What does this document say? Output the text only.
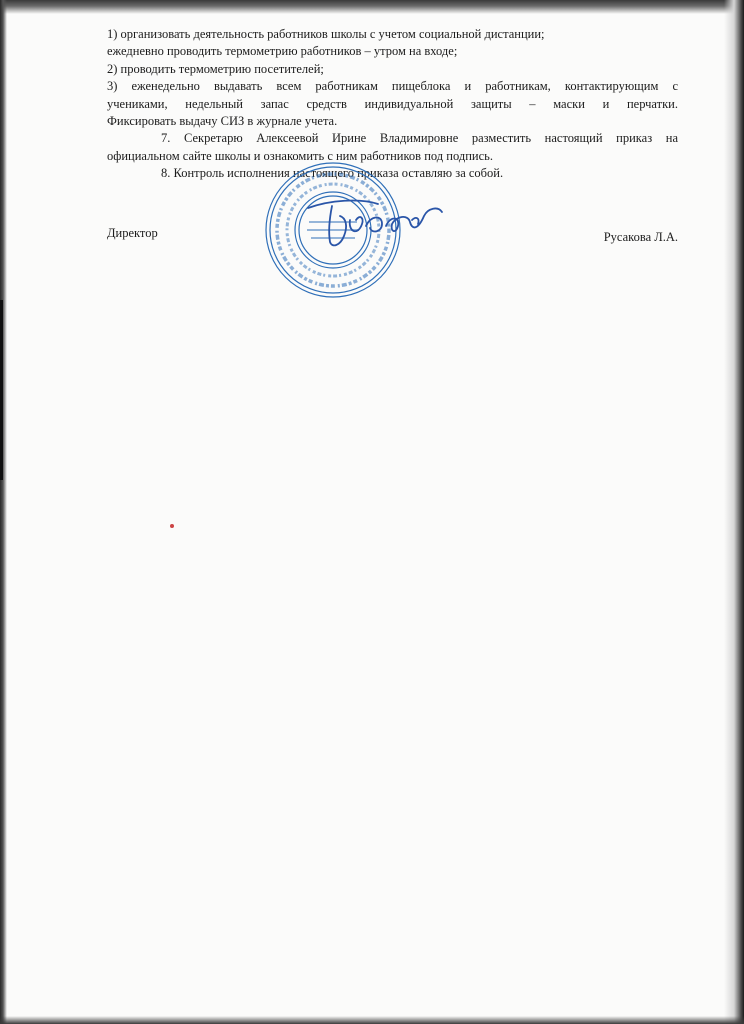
1) организовать деятельность работников школы с учетом социальной дистанции;
ежедневно проводить термометрию работников – утром на входе;
2) проводить термометрию посетителей;
3) еженедельно выдавать всем работникам пищеблока и работникам, контактирующим с
учениками, недельный запас средств индивидуальной защиты – маски и перчатки.
Фиксировать выдачу СИЗ в журнале учета.
7. Секретарю Алексеевой Ирине Владимировне разместить настоящий приказ на
официальном сайте школы и ознакомить с ним работников под подпись.
8. Контроль исполнения настоящего приказа оставляю за собой.
Директор	Русакова Л.А.
